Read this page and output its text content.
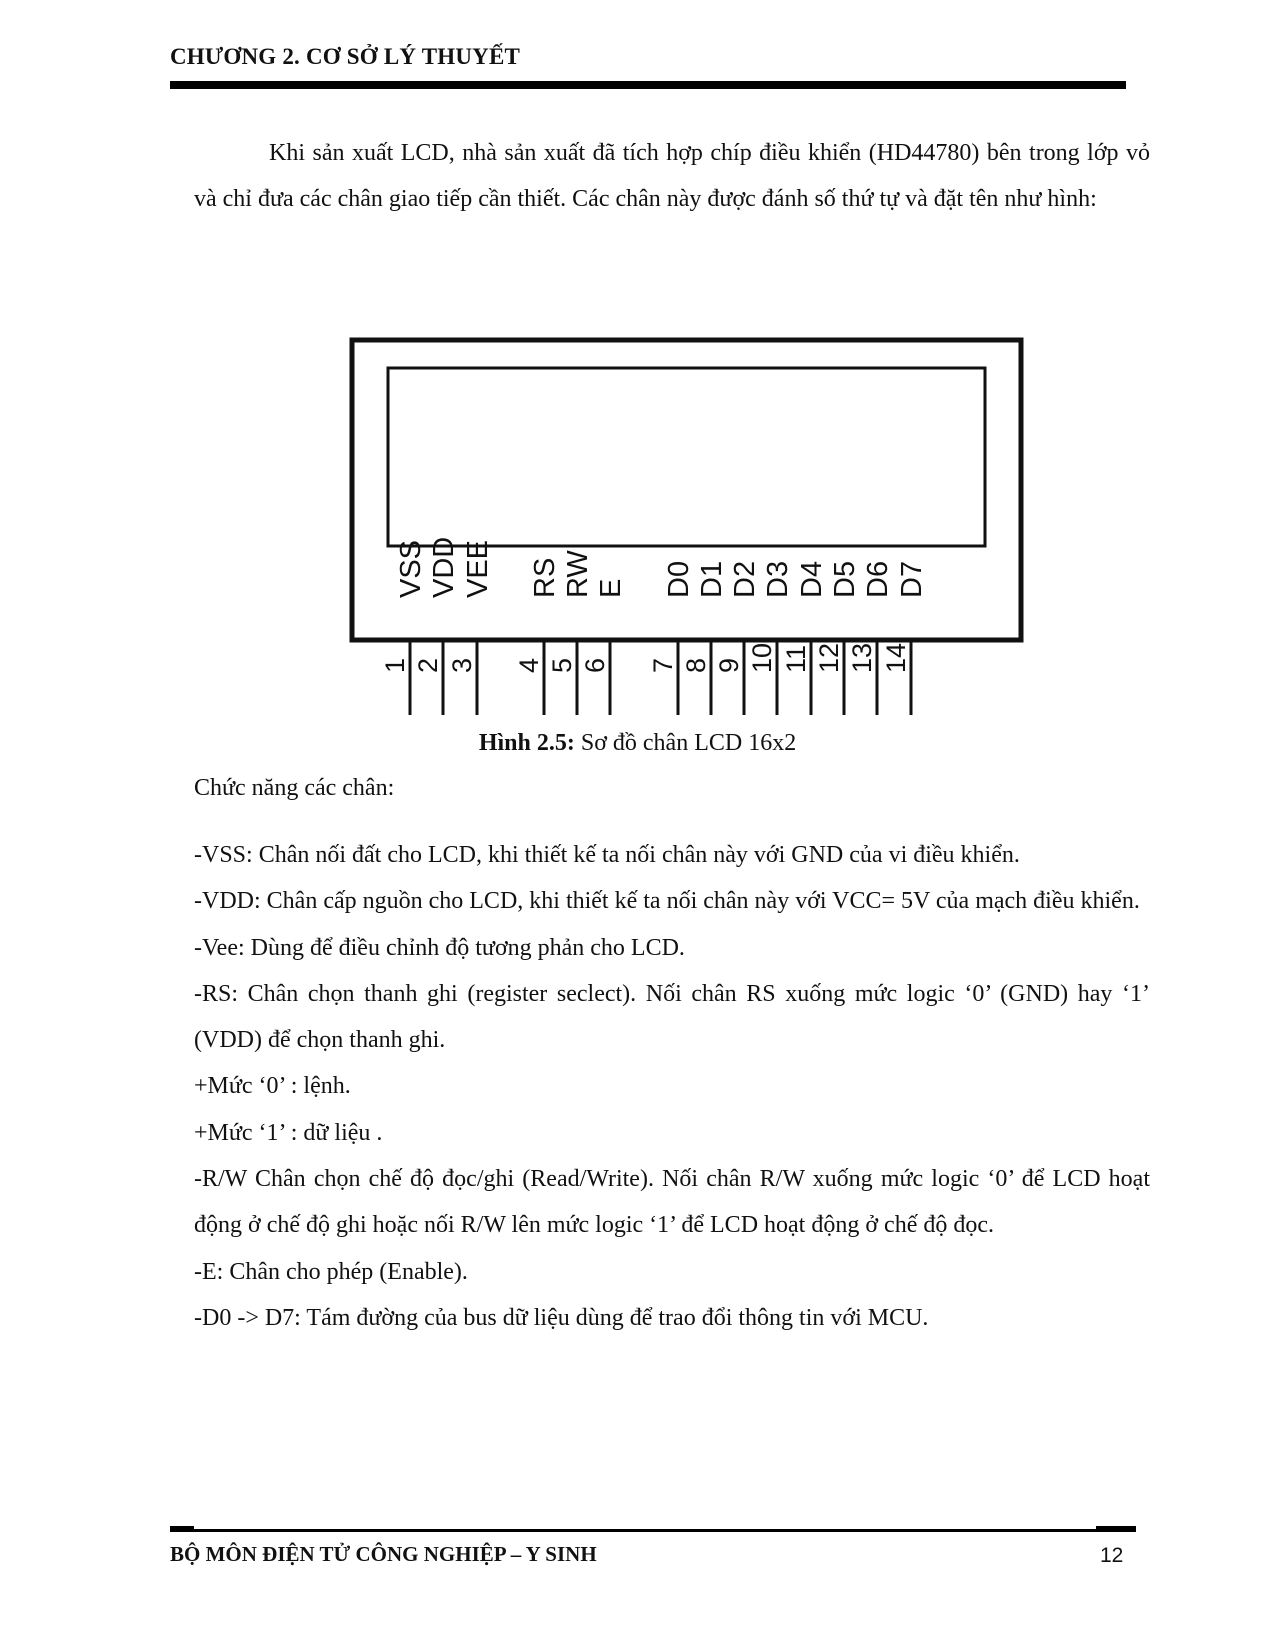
CHƯƠNG 2. CƠ SỞ LÝ THUYẾT

Khi sản xuất LCD, nhà sản xuất đã tích hợp chíp điều khiển (HD44780) bên trong lớp vỏ và chỉ đưa các chân giao tiếp cần thiết. Các chân này được đánh số thứ tự và đặt tên như hình:

VSS
1
VDD
2
VEE
3
RS
4
RW
5
E
6
D0
7
D1
8
D2
9
D3
10
D4
11
D5
12
D6
13
D7
14
Hình 2.5: Sơ đồ chân LCD 16x2

Chức năng các chân:

-VSS: Chân nối đất cho LCD, khi thiết kế ta nối chân này với GND của vi điều khiển.

-VDD: Chân cấp nguồn cho LCD, khi thiết kế ta nối chân này với VCC= 5V của mạch điều khiển.

-Vee: Dùng để điều chỉnh độ tương phản cho LCD.

-RS: Chân chọn thanh ghi (register seclect). Nối chân RS xuống mức logic ‘0’ (GND) hay ‘1’ (VDD) để chọn thanh ghi.

+Mức ‘0’ : lệnh.

+Mức ‘1’ : dữ liệu .

-R/W Chân chọn chế độ đọc/ghi (Read/Write). Nối chân R/W xuống mức logic ‘0’ để LCD hoạt động ở chế độ ghi hoặc nối R/W lên mức logic ‘1’ để LCD hoạt động ở chế độ đọc.

-E: Chân cho phép (Enable).

-D0 -> D7: Tám đường của bus dữ liệu dùng để trao đổi thông tin với MCU.

BỘ MÔN ĐIỆN TỬ CÔNG NGHIỆP – Y SINH	12
